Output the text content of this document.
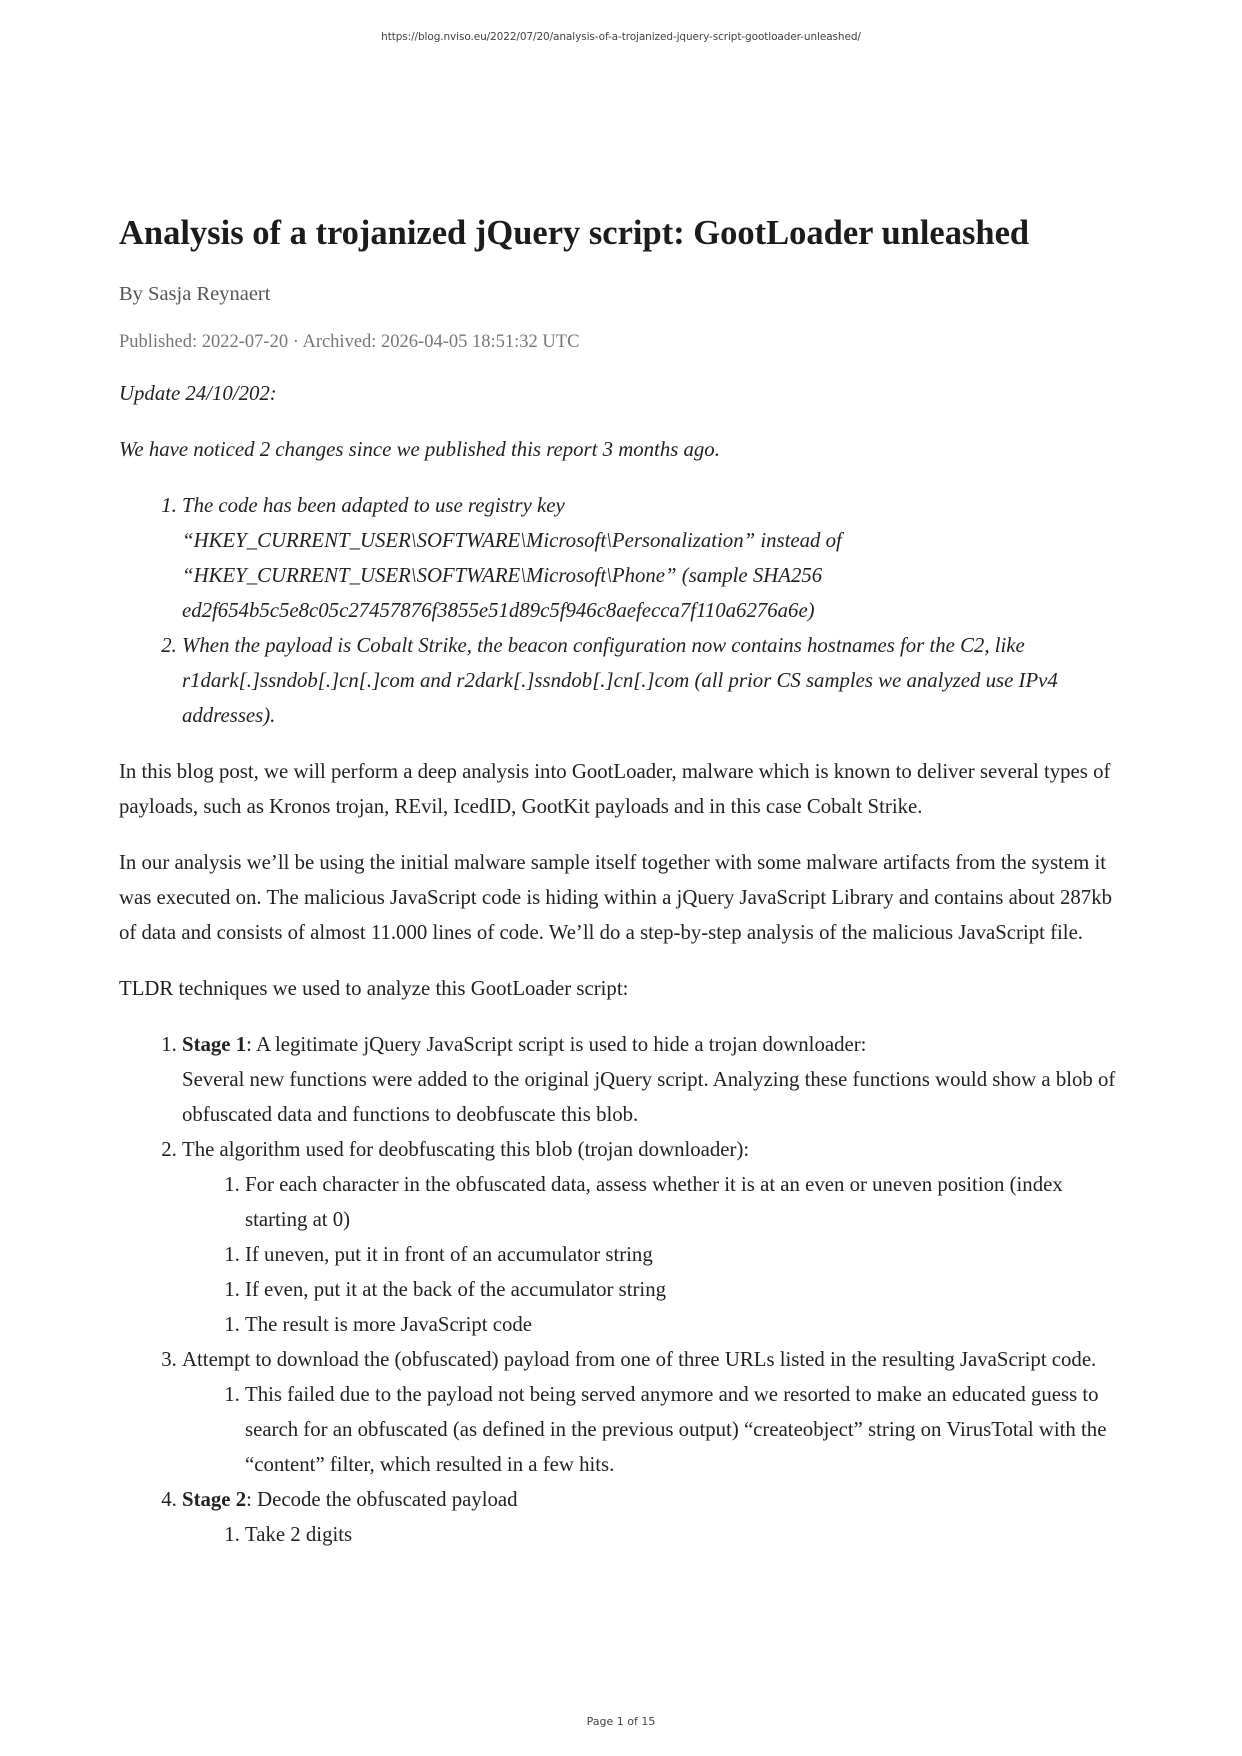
https://blog.nviso.eu/2022/07/20/analysis-of-a-trojanized-jquery-script-gootloader-unleashed/
Analysis of a trojanized jQuery script: GootLoader unleashed
By Sasja Reynaert
Published: 2022-07-20 · Archived: 2026-04-05 18:51:32 UTC

Update 24/10/202:

We have noticed 2 changes since we published this report 3 months ago.

1. The code has been adapted to use registry key “HKEY_CURRENT_USER\SOFTWARE\Microsoft\Personalization” instead of “HKEY_CURRENT_USER\SOFTWARE\Microsoft\Phone” (sample SHA256 ed2f654b5c5e8c05c27457876f3855e51d89c5f946c8aefecca7f110a6276a6e)
2. When the payload is Cobalt Strike, the beacon configuration now contains hostnames for the C2, like r1dark[.]ssndob[.]cn[.]com and r2dark[.]ssndob[.]cn[.]com (all prior CS samples we analyzed use IPv4 addresses).

In this blog post, we will perform a deep analysis into GootLoader, malware which is known to deliver several types of payloads, such as Kronos trojan, REvil, IcedID, GootKit payloads and in this case Cobalt Strike.

In our analysis we’ll be using the initial malware sample itself together with some malware artifacts from the system it was executed on. The malicious JavaScript code is hiding within a jQuery JavaScript Library and contains about 287kb of data and consists of almost 11.000 lines of code. We’ll do a step-by-step analysis of the malicious JavaScript file.

TLDR techniques we used to analyze this GootLoader script:

1. Stage 1: A legitimate jQuery JavaScript script is used to hide a trojan downloader:
Several new functions were added to the original jQuery script. Analyzing these functions would show a blob of obfuscated data and functions to deobfuscate this blob.
2. The algorithm used for deobfuscating this blob (trojan downloader):
1. For each character in the obfuscated data, assess whether it is at an even or uneven position (index starting at 0)
1. If uneven, put it in front of an accumulator string
1. If even, put it at the back of the accumulator string
1. The result is more JavaScript code
3. Attempt to download the (obfuscated) payload from one of three URLs listed in the resulting JavaScript code.
1. This failed due to the payload not being served anymore and we resorted to make an educated guess to search for an obfuscated (as defined in the previous output) “createobject” string on VirusTotal with the “content” filter, which resulted in a few hits.
4. Stage 2: Decode the obfuscated payload
1. Take 2 digits
Page 1 of 15
